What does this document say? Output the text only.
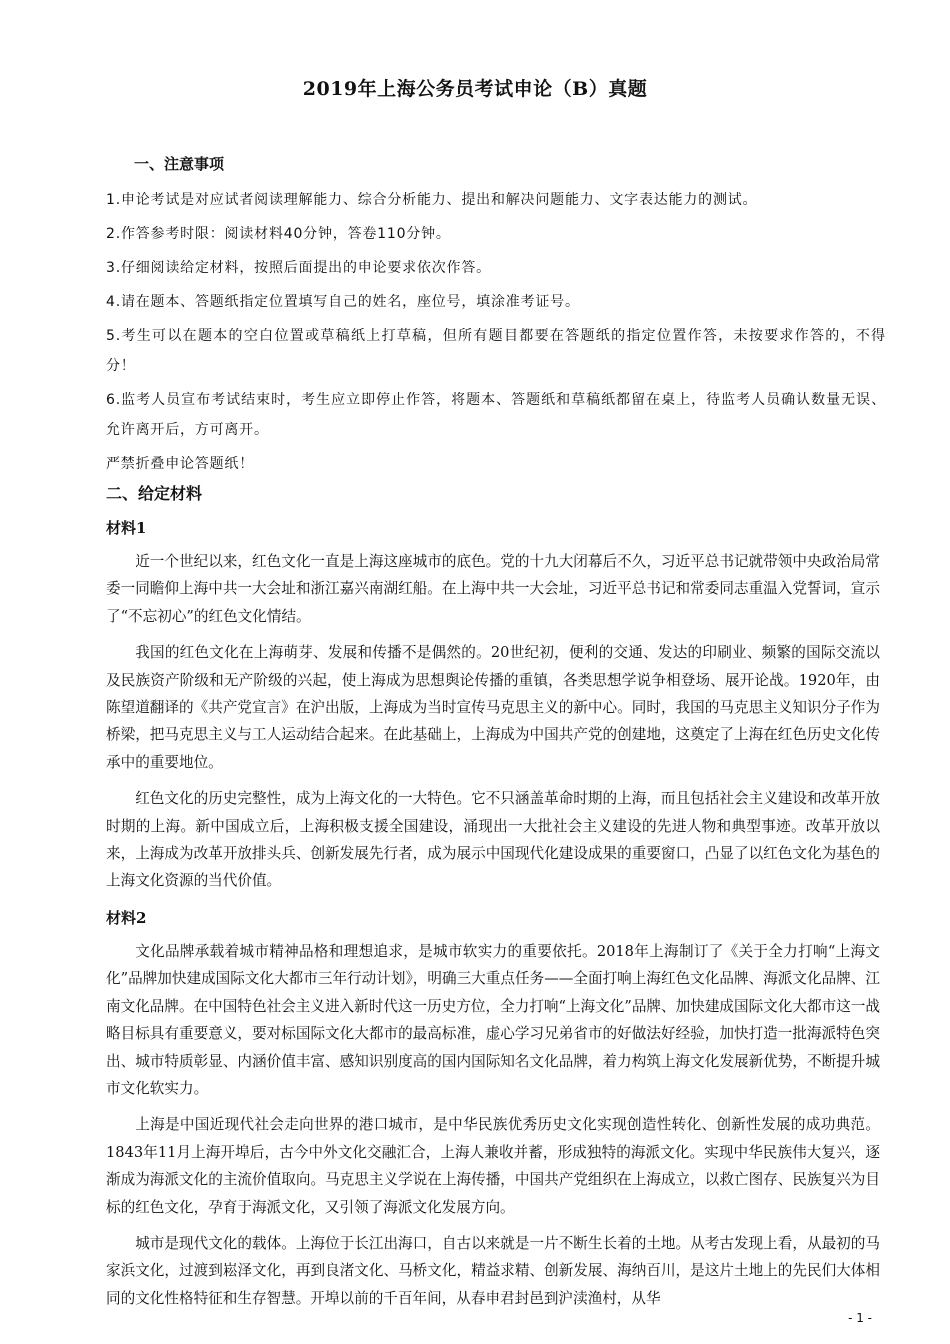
2019年上海公务员考试申论（B）真题
一、注意事项

1.申论考试是对应试者阅读理解能力、综合分析能力、提出和解决问题能力、文字表达能力的测试。

2.作答参考时限：阅读材料40分钟，答卷110分钟。

3.仔细阅读给定材料，按照后面提出的申论要求依次作答。

4.请在题本、答题纸指定位置填写自己的姓名，座位号，填涂准考证号。

5.考生可以在题本的空白位置或草稿纸上打草稿，但所有题目都要在答题纸的指定位置作答，未按要求作答的，不得分！

6.监考人员宣布考试结束时，考生应立即停止作答，将题本、答题纸和草稿纸都留在桌上，待监考人员确认数量无误、允许离开后，方可离开。

严禁折叠申论答题纸！

二、给定材料
材料1

近一个世纪以来，红色文化一直是上海这座城市的底色。党的十九大闭幕后不久，习近平总书记就带领中央政治局常委一同瞻仰上海中共一大会址和浙江嘉兴南湖红船。在上海中共一大会址，习近平总书记和常委同志重温入党誓词，宣示了“不忘初心”的红色文化情结。

我国的红色文化在上海萌芽、发展和传播不是偶然的。20世纪初，便利的交通、发达的印刷业、频繁的国际交流以及民族资产阶级和无产阶级的兴起，使上海成为思想舆论传播的重镇，各类思想学说争相登场、展开论战。1920年，由陈望道翻译的《共产党宣言》在沪出版，上海成为当时宣传马克思主义的新中心。同时，我国的马克思主义知识分子作为桥梁，把马克思主义与工人运动结合起来。在此基础上，上海成为中国共产党的创建地，这奠定了上海在红色历史文化传承中的重要地位。

红色文化的历史完整性，成为上海文化的一大特色。它不只涵盖革命时期的上海，而且包括社会主义建设和改革开放时期的上海。新中国成立后，上海积极支援全国建设，涌现出一大批社会主义建设的先进人物和典型事迹。改革开放以来，上海成为改革开放排头兵、创新发展先行者，成为展示中国现代化建设成果的重要窗口，凸显了以红色文化为基色的上海文化资源的当代价值。

材料2

文化品牌承载着城市精神品格和理想追求，是城市软实力的重要依托。2018年上海制订了《关于全力打响“上海文化”品牌加快建成国际文化大都市三年行动计划》，明确三大重点任务——全面打响上海红色文化品牌、海派文化品牌、江南文化品牌。在中国特色社会主义进入新时代这一历史方位，全力打响“上海文化”品牌、加快建成国际文化大都市这一战略目标具有重要意义，要对标国际文化大都市的最高标准，虚心学习兄弟省市的好做法好经验，加快打造一批海派特色突出、城市特质彰显、内涵价值丰富、感知识别度高的国内国际知名文化品牌，着力构筑上海文化发展新优势，不断提升城市文化软实力。

上海是中国近现代社会走向世界的港口城市，是中华民族优秀历史文化实现创造性转化、创新性发展的成功典范。1843年11月上海开埠后，古今中外文化交融汇合，上海人兼收并蓄，形成独特的海派文化。实现中华民族伟大复兴，逐渐成为海派文化的主流价值取向。马克思主义学说在上海传播，中国共产党组织在上海成立，以救亡图存、民族复兴为目标的红色文化，孕育于海派文化，又引领了海派文化发展方向。

城市是现代文化的载体。上海位于长江出海口，自古以来就是一片不断生长着的土地。从考古发现上看，从最初的马家浜文化，过渡到崧泽文化，再到良渚文化、马桥文化，精益求精、创新发展、海纳百川，是这片土地上的先民们大体相同的文化性格特征和生存智慧。开埠以前的千百年间，从春申君封邑到沪渎渔村，从华

- 1 -
